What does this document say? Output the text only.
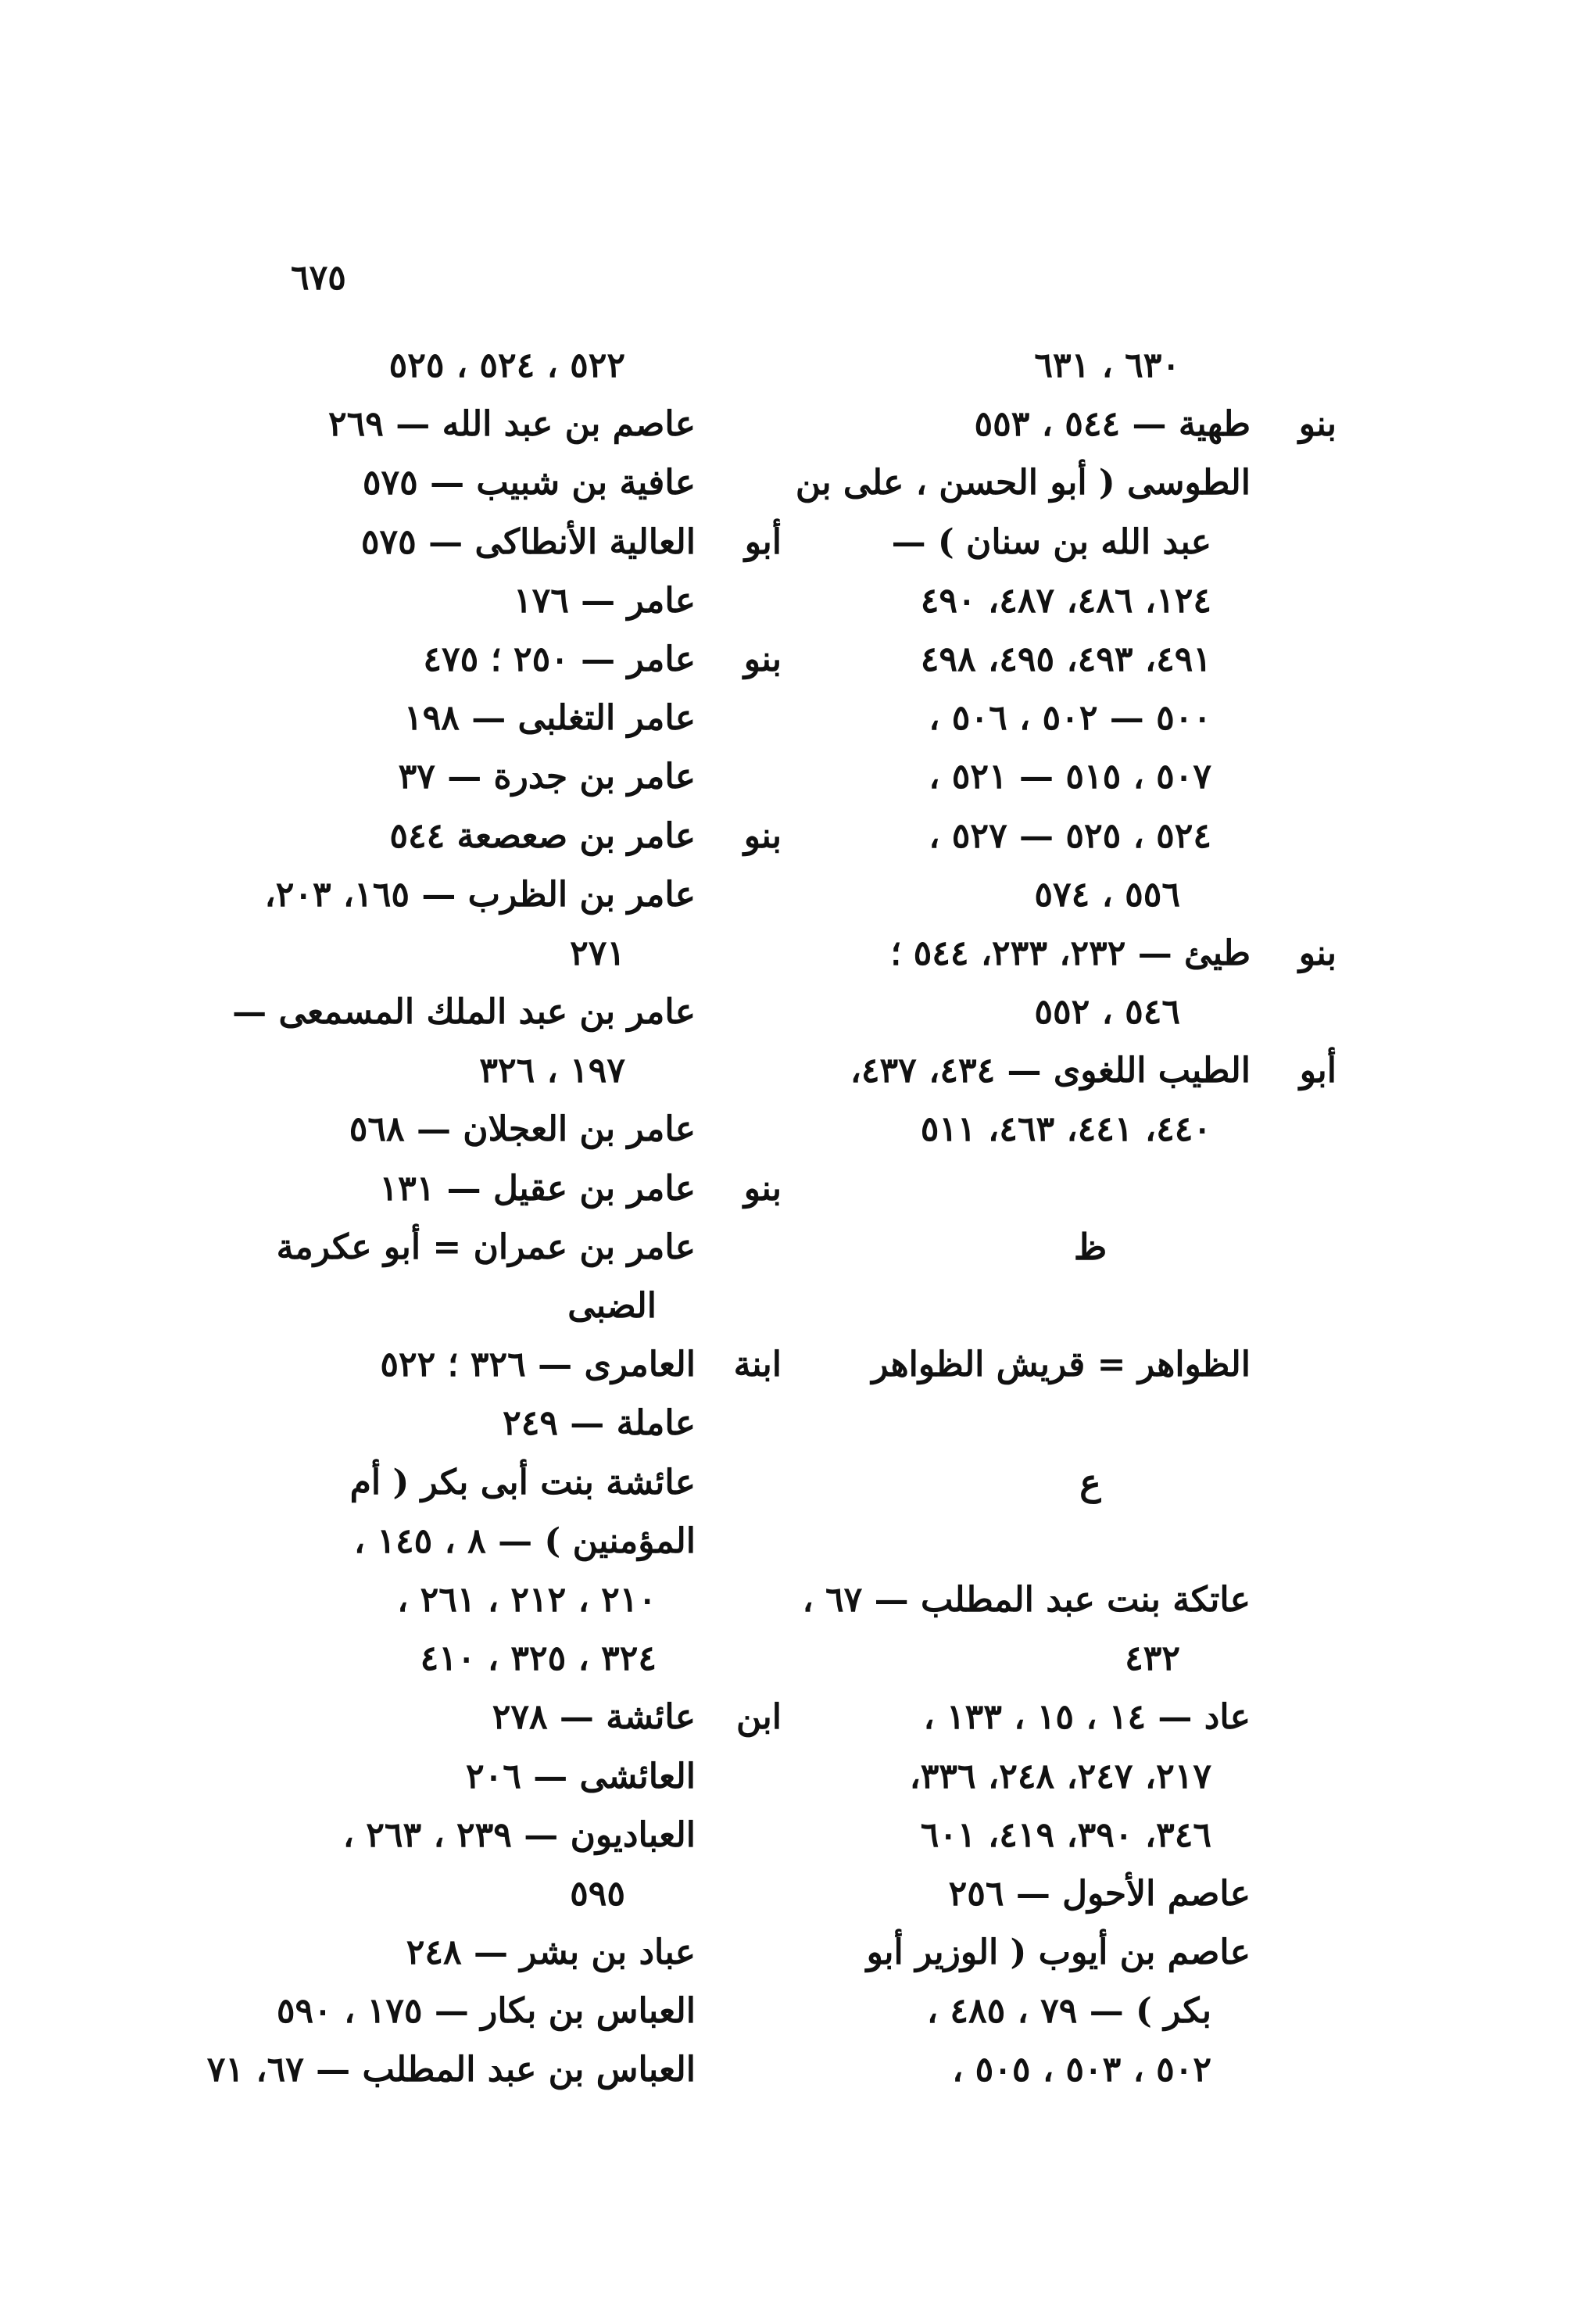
٦٧٥
٦٣٠ ، ٦٣١
بنو
طهية — ٥٤٤ ، ٥٥٣
الطوسى ( أبو الحسن ، على بن
عبد الله بن سنان ) —
١٢٤، ٤٨٦، ٤٨٧، ٤٩٠
٤٩١، ٤٩٣، ٤٩٥، ٤٩٨
٥٠٠ — ٥٠٢ ، ٥٠٦ ،
٥٠٧ ، ٥١٥ — ٥٢١ ،
٥٢٤ ، ٥٢٥ — ٥٢٧ ،
٥٥٦ ، ٥٧٤
بنو
طيئ — ٢٣٢، ٢٣٣، ٥٤٤ ؛
٥٤٦ ، ٥٥٢
أبو
الطيب اللغوى — ٤٣٤، ٤٣٧،
٤٤٠، ٤٤١، ٤٦٣، ٥١١
ظ
الظواهر = قريش الظواهر
ع
عاتكة بنت عبد المطلب — ٦٧ ،
٤٣٢
عاد — ١٤ ، ١٥ ، ١٣٣ ،
٢١٧، ٢٤٧، ٢٤٨، ٣٣٦،
٣٤٦، ٣٩٠، ٤١٩، ٦٠١
عاصم الأحول — ٢٥٦
عاصم بن أيوب ( الوزير أبو
بكر ) — ٧٩ ، ٤٨٥ ،
٥٠٢ ، ٥٠٣ ، ٥٠٥ ،
٥٢٢ ، ٥٢٤ ، ٥٢٥
عاصم بن عبد الله — ٢٦٩
عافية بن شبيب — ٥٧٥
أبو
العالية الأنطاكى — ٥٧٥
عامر — ١٧٦
بنو
عامر — ٢٥٠ ؛ ٤٧٥
عامر التغلبى — ١٩٨
عامر بن جدرة — ٣٧
بنو
عامر بن صعصعة ٥٤٤
عامر بن الظرب — ١٦٥، ٢٠٣،
٢٧١
عامر بن عبد الملك المسمعى —
١٩٧ ، ٣٢٦
عامر بن العجلان — ٥٦٨
بنو
عامر بن عقيل — ١٣١
عامر بن عمران = أبو عكرمة
الضبى
ابنة
العامرى — ٣٢٦ ؛ ٥٢٢
عاملة — ٢٤٩
عائشة بنت أبى بكر ( أم
المؤمنين ) — ٨ ، ١٤٥ ،
٢١٠ ، ٢١٢ ، ٢٦١ ،
٣٢٤ ، ٣٢٥ ، ٤١٠
ابن
عائشة — ٢٧٨
العائشى — ٢٠٦
العباديون — ٢٣٩ ، ٢٦٣ ،
٥٩٥
عباد بن بشر — ٢٤٨
العباس بن بكار — ١٧٥ ، ٥٩٠
العباس بن عبد المطلب — ٦٧، ٧١
